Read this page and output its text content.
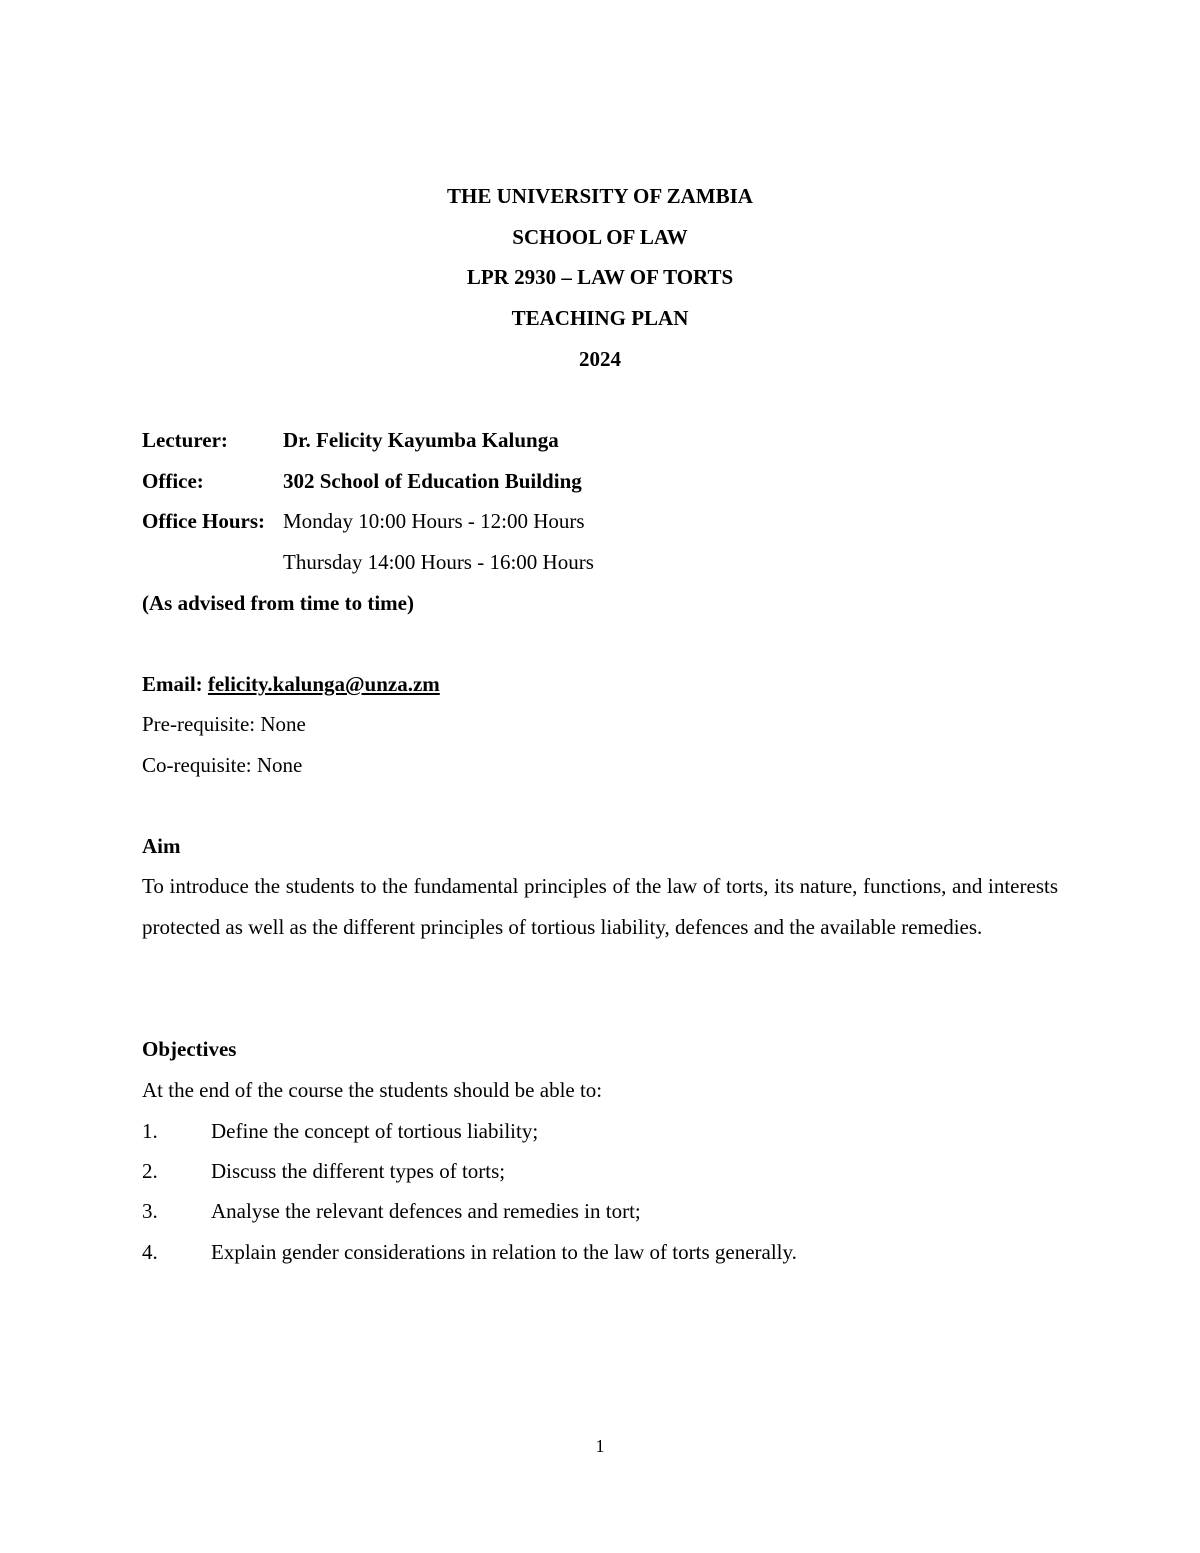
THE UNIVERSITY OF ZAMBIA
SCHOOL OF LAW
LPR 2930 – LAW OF TORTS
TEACHING PLAN
2024
Lecturer:	Dr. Felicity Kayumba Kalunga
Office:	302 School of Education Building
Office Hours: Monday 10:00 Hours - 12:00 Hours
Thursday 14:00 Hours - 16:00 Hours
(As advised from time to time)
Email: felicity.kalunga@unza.zm
Pre-requisite: None
Co-requisite: None
Aim
To introduce the students to the fundamental principles of the law of torts, its nature, functions, and interests protected as well as the different principles of tortious liability, defences and the available remedies.
Objectives
At the end of the course the students should be able to:
1.	Define the concept of tortious liability;
2.	Discuss the different types of torts;
3.	Analyse the relevant defences and remedies in tort;
4.	Explain gender considerations in relation to the law of torts generally.
1
